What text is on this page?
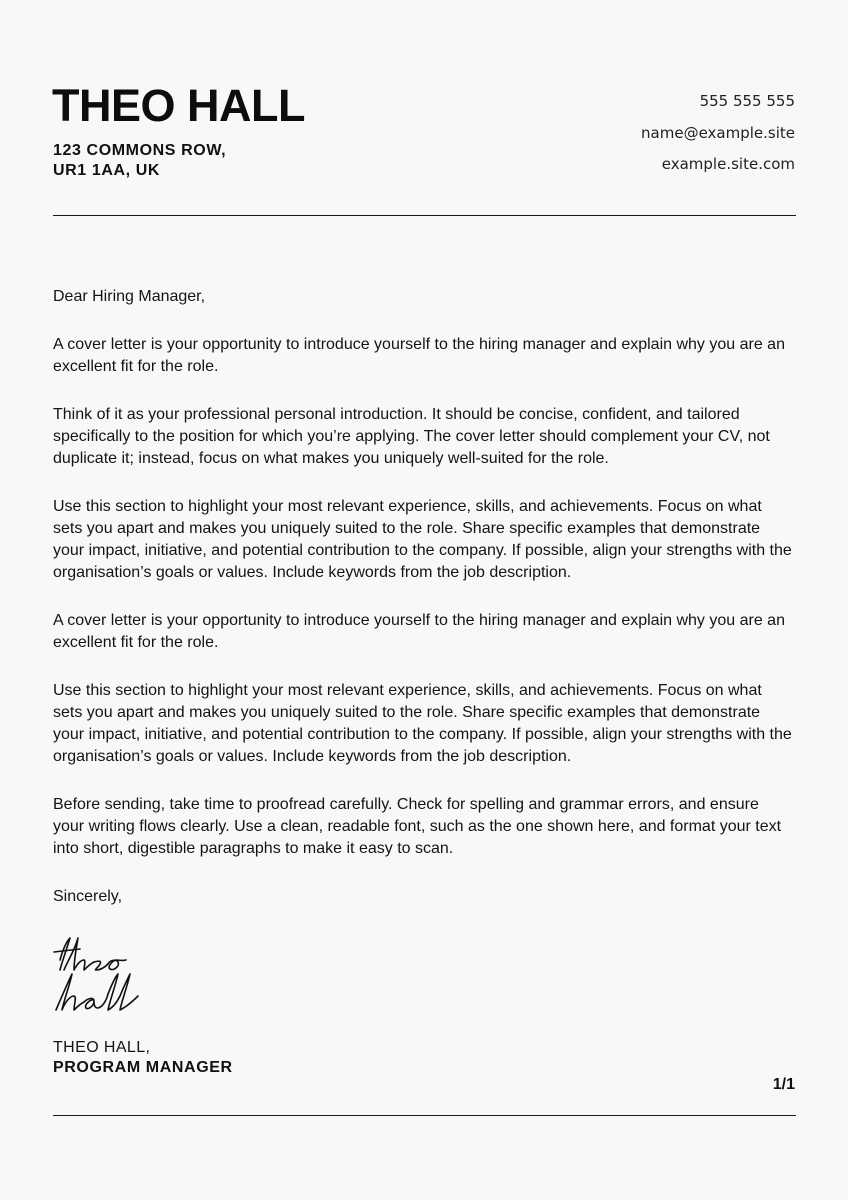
THEO HALL
123 COMMONS ROW,
UR1 1AA, UK
555 555 555
name@example.site
example.site.com

Dear Hiring Manager,

A cover letter is your opportunity to introduce yourself to the hiring manager and explain why you are an excellent fit for the role.

Think of it as your professional personal introduction. It should be concise, confident, and tailored specifically to the position for which you’re applying. The cover letter should complement your CV, not duplicate it; instead, focus on what makes you uniquely well-suited for the role.

Use this section to highlight your most relevant experience, skills, and achievements. Focus on what sets you apart and makes you uniquely suited to the role. Share specific examples that demonstrate your impact, initiative, and potential contribution to the company. If possible, align your strengths with the organisation’s goals or values. Include keywords from the job description.

A cover letter is your opportunity to introduce yourself to the hiring manager and explain why you are an excellent fit for the role.

Use this section to highlight your most relevant experience, skills, and achievements. Focus on what sets you apart and makes you uniquely suited to the role. Share specific examples that demonstrate your impact, initiative, and potential contribution to the company. If possible, align your strengths with the organisation’s goals or values. Include keywords from the job description.

Before sending, take time to proofread carefully. Check for spelling and grammar errors, and ensure your writing flows clearly. Use a clean, readable font, such as the one shown here, and format your text into short, digestible paragraphs to make it easy to scan.

Sincerely,

THEO HALL,
PROGRAM MANAGER
1/1
